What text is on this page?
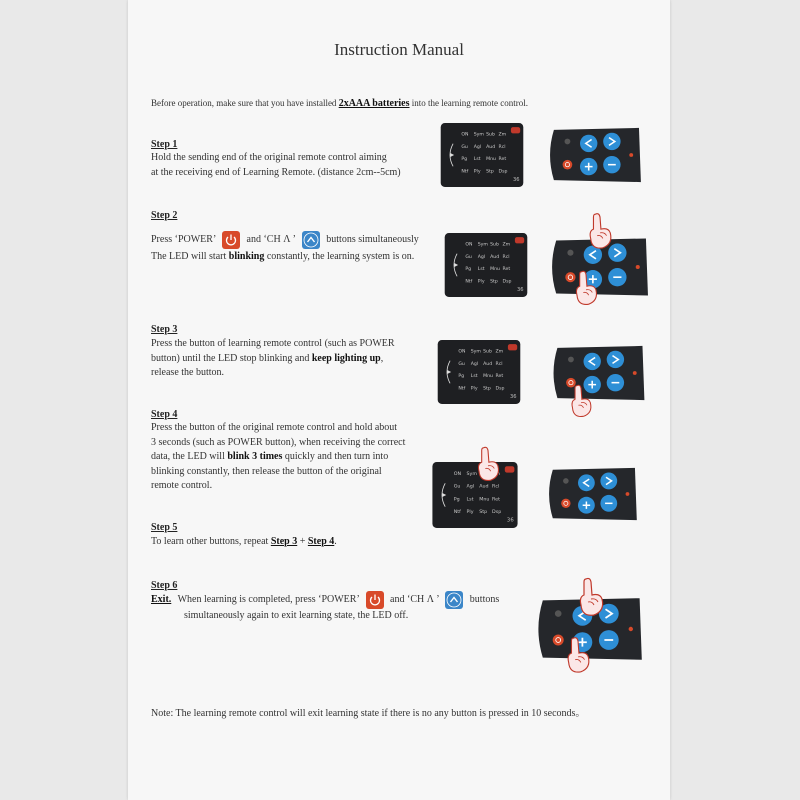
Instruction Manual
Before operation, make sure that you have installed 2xAAA batteries into the learning remote control.
Step 1
Hold the sending end of the original remote control aiming
at the receiving end of Learning Remote. (distance 2cm--5cm)
Step 2
Press ‘POWER’	and ‘CH Λ ’	buttons simultaneously
The LED will start blinking constantly, the learning system is on.
Step 3
Press the button of learning remote control (such as POWER
button) until the LED stop blinking and keep lighting up,
release the button.
Step 4
Press the button of the original remote control and hold about
3 seconds (such as POWER button), when receiving the correct
data, the LED will blink 3 times quickly and then turn into
blinking constantly, then release the button of the original
remote control.
Step 5
To learn other buttons, repeat Step 3 + Step 4.
Step 6
Exit. When learning is completed, press ‘POWER’	and ‘CH Λ ’	buttons
simultaneously again to exit learning state, the LED off.
Note: The learning remote control will exit learning state if there is no any button is pressed in 10 seconds。
